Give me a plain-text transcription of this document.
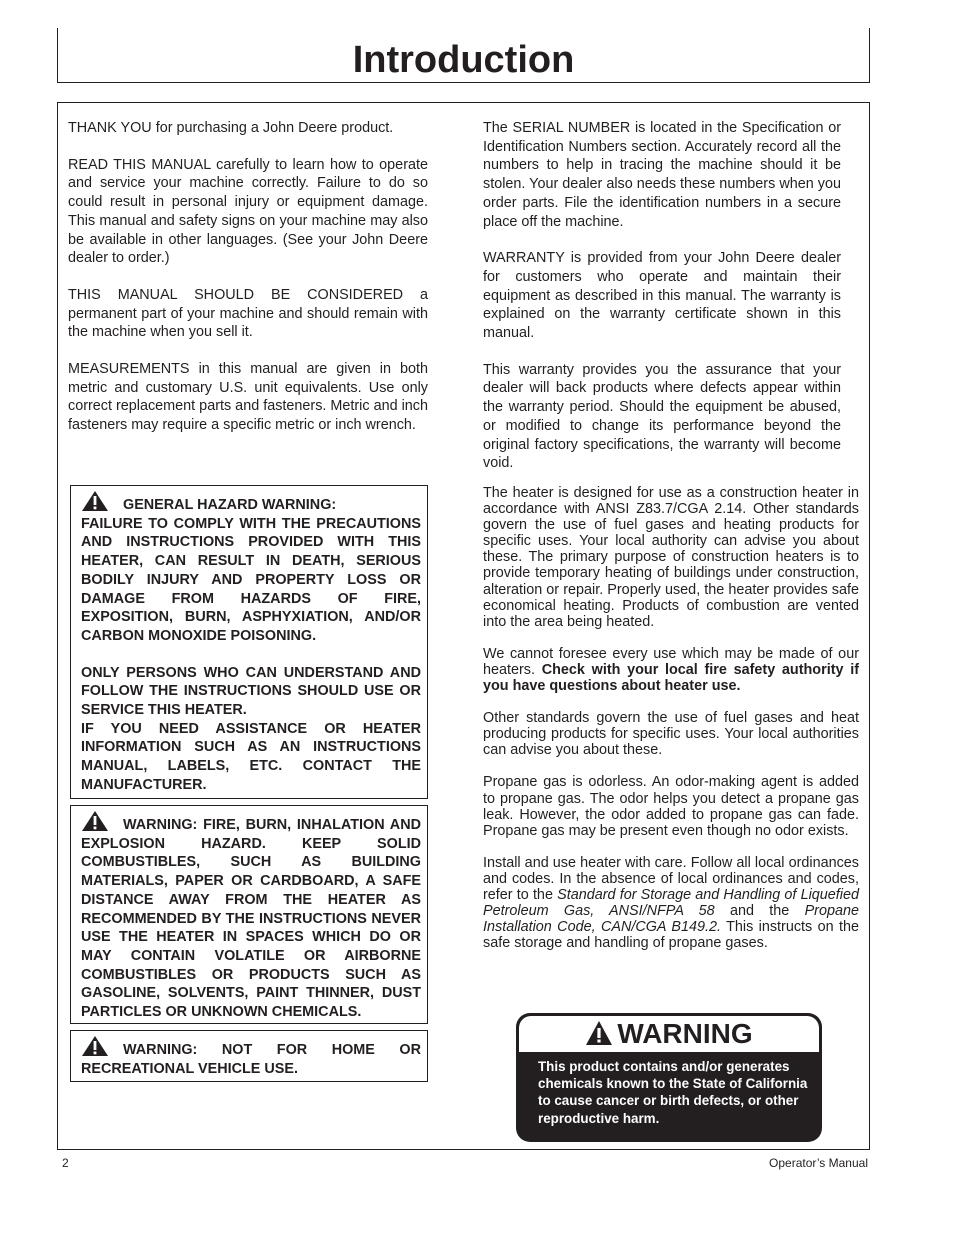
Introduction

THANK YOU for purchasing a John Deere product.

READ THIS MANUAL carefully to learn how to operate and service your machine correctly. Failure to do so could result in personal injury or equipment damage. This manual and safety signs on your machine may also be available in other languages. (See your John Deere dealer to order.)

THIS MANUAL SHOULD BE CONSIDERED a permanent part of your machine and should remain with the machine when you sell it.

MEASUREMENTS in this manual are given in both metric and customary U.S. unit equivalents. Use only correct replacement parts and fasteners. Metric and inch fasteners may require a specific metric or inch wrench.

GENERAL HAZARD WARNING:

FAILURE TO COMPLY WITH THE PRECAUTIONS AND INSTRUCTIONS PROVIDED WITH THIS HEATER, CAN RESULT IN DEATH, SERIOUS BODILY INJURY AND PROPERTY LOSS OR DAMAGE FROM HAZARDS OF FIRE, EXPOSITION, BURN, ASPHYXIATION, AND/OR CARBON MONOXIDE POISONING.

ONLY PERSONS WHO CAN UNDERSTAND AND FOLLOW THE INSTRUCTIONS SHOULD USE OR SERVICE THIS HEATER.

IF YOU NEED ASSISTANCE OR HEATER INFORMATION SUCH AS AN INSTRUCTIONS MANUAL, LABELS, ETC. CONTACT THE MANUFACTURER.

WARNING: FIRE, BURN, INHALATION AND EXPLOSION HAZARD. KEEP SOLID COMBUSTIBLES, SUCH AS BUILDING MATERIALS, PAPER OR CARDBOARD, A SAFE DISTANCE AWAY FROM THE HEATER AS RECOMMENDED BY THE INSTRUCTIONS NEVER USE THE HEATER IN SPACES WHICH DO OR MAY CONTAIN VOLATILE OR AIRBORNE COMBUSTIBLES OR PRODUCTS SUCH AS GASOLINE, SOLVENTS, PAINT THINNER, DUST PARTICLES OR UNKNOWN CHEMICALS.

WARNING: NOT FOR HOME OR RECREATIONAL VEHICLE USE.

The SERIAL NUMBER is located in the Specification or Identification Numbers section. Accurately record all the numbers to help in tracing the machine should it be stolen. Your dealer also needs these numbers when you order parts. File the identification numbers in a secure place off the machine.

WARRANTY is provided from your John Deere dealer for customers who operate and maintain their equipment as described in this manual. The warranty is explained on the warranty certificate shown in this manual.

This warranty provides you the assurance that your dealer will back products where defects appear within the warranty period. Should the equipment be abused, or modified to change its performance beyond the original factory specifications, the warranty will become void.

The heater is designed for use as a construction heater in accordance with ANSI Z83.7/CGA 2.14. Other standards govern the use of fuel gases and heating products for specific uses. Your local authority can advise you about these. The primary purpose of construction heaters is to provide temporary heating of buildings under construction, alteration or repair. Properly used, the heater provides safe economical heating. Products of combustion are vented into the area being heated.

We cannot foresee every use which may be made of our heaters. Check with your local fire safety authority if you have questions about heater use.

Other standards govern the use of fuel gases and heat producing products for specific uses. Your local authorities can advise you about these.

Propane gas is odorless. An odor-making agent is added to propane gas. The odor helps you detect a propane gas leak. However, the odor added to propane gas can fade. Propane gas may be present even though no odor exists.

Install and use heater with care. Follow all local ordinances and codes. In the absence of local ordinances and codes, refer to the Standard for Storage and Handling of Liquefied Petroleum Gas, ANSI/NFPA 58 and the Propane Installation Code, CAN/CGA B149.2. This instructs on the safe storage and handling of propane gases.

WARNING
This product contains and/or generates chemicals known to the State of California to cause cancer or birth defects, or other reproductive harm.
2	Operator’s Manual
